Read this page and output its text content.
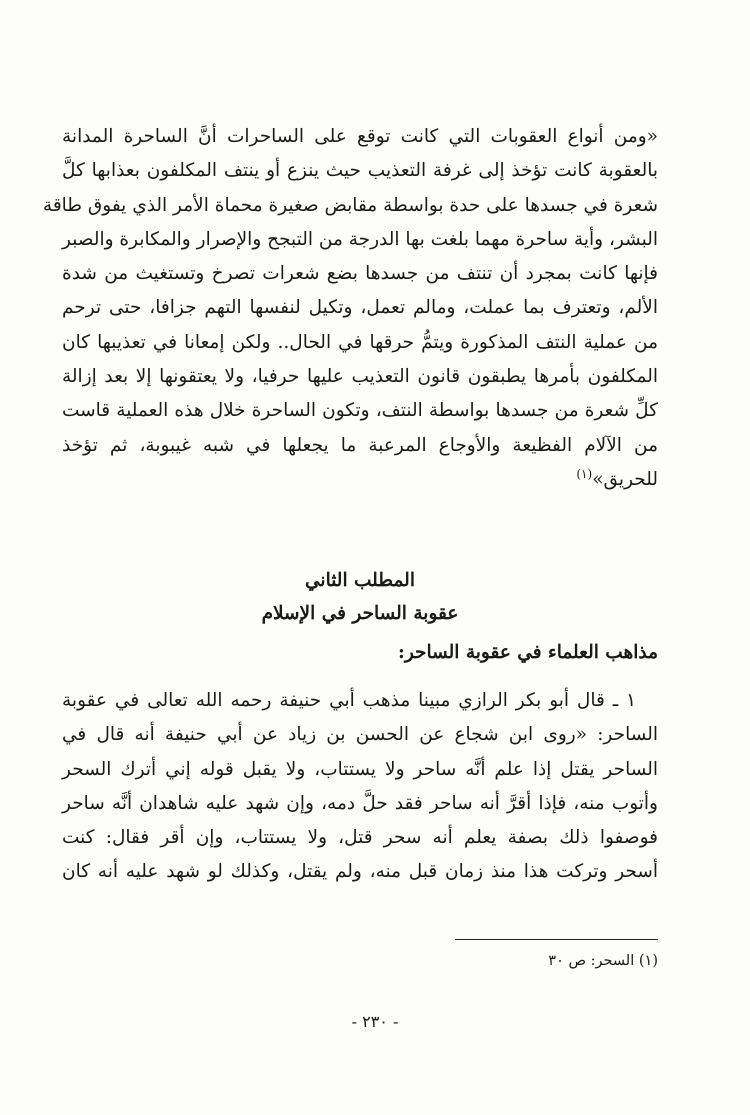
«ومن أنواع العقوبات التي كانت توقع على الساحرات أنَّ الساحرة المدانة
بالعقوبة كانت تؤخذ إلى غرفة التعذيب حيث ينزع أو ينتف المكلفون بعذابها كلَّ
شعرة في جسدها على حدة بواسطة مقابض صغيرة محماة الأمر الذي يفوق طاقة
البشر، وأية ساحرة مهما بلغت بها الدرجة من التبجح والإصرار والمكابرة والصبر
فإنها كانت بمجرد أن تنتف من جسدها بضع شعرات تصرخ وتستغيث من شدة
الألم، وتعترف بما عملت، ومالم تعمل، وتكيل لنفسها التهم جزافا، حتى ترحم
من عملية النتف المذكورة ويتمُّ حرقها في الحال.. ولكن إمعانا في تعذيبها كان
المكلفون بأمرها يطبقون قانون التعذيب عليها حرفيا، ولا يعتقونها إلا بعد إزالة
كلِّ شعرة من جسدها بواسطة النتف، وتكون الساحرة خلال هذه العملية قاست
من الآلام الفظيعة والأوجاع المرعبة ما يجعلها في شبه غيبوبة، ثم تؤخذ
للحريق»$^{(١)}$
المطلب الثاني
عقوبة الساحر في الإسلام
مذاهب العلماء في عقوبة الساحر:
١ ـ قال أبو بكر الرازي مبينا مذهب أبي حنيفة رحمه الله تعالى في عقوبة
الساحر: «روى ابن شجاع عن الحسن بن زياد عن أبي حنيفة أنه قال في
الساحر يقتل إذا علم أنَّه ساحر ولا يستتاب، ولا يقبل قوله إني أترك السحر
وأتوب منه، فإذا أقرَّ أنه ساحر فقد حلَّ دمه، وإن شهد عليه شاهدان أنَّه ساحر
فوصفوا ذلك بصفة يعلم أنه سحر قتل، ولا يستتاب، وإن أقر فقال: كنت
أسحر وتركت هذا منذ زمان قبل منه، ولم يقتل، وكذلك لو شهد عليه أنه كان
(١) السحر: ص ٣٠
- ٢٣٠ -
